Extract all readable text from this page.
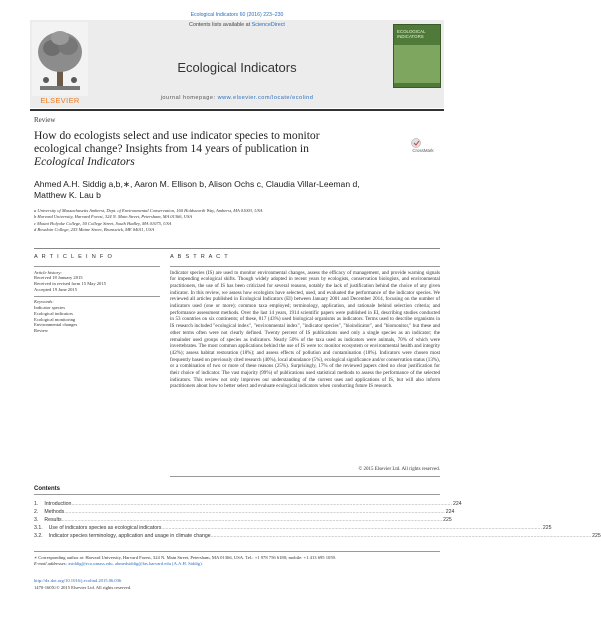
Ecological Indicators 60 (2016) 223–230
ELSEVIER
Contents lists available at ScienceDirect
Ecological Indicators
journal homepage: www.elsevier.com/locate/ecolind
ECOLOGICAL INDICATORS
Review
How do ecologists select and use indicator species to monitor
ecological change? Insights from 14 years of publication in
Ecological Indicators
CrossMark
Ahmed A.H. Siddig a,b,∗, Aaron M. Ellison b, Alison Ochs c, Claudia Villar-Leeman d,
Matthew K. Lau b
a University of Massachusetts Amherst, Dept. of Environmental Conservation, 160 Holdsworth Way, Amherst, MA 01003, USA
b Harvard University, Harvard Forest, 324 N. Main Street, Petersham, MA 01366, USA
c Mount Holyoke College, 50 College Street, South Hadley, MA 01075, USA
d Bowdoin College, 255 Maine Street, Brunswick, ME 04011, USA
A R T I C L E I N F O	A B S T R A C T
Article history:
Received 18 January 2015
Received in revised form 15 May 2015
Accepted 19 June 2015
Keywords:
Indicator species
Ecological indicators
Ecological monitoring
Environmental changes
Review
Indicator species (IS) are used to monitor environmental changes, assess the efficacy of management, and provide warning signals for impending ecological shifts. Though widely adopted in recent years by ecologists, conservation biologists, and environmental practitioners, the use of IS has been criticized for several reasons, notably the lack of justification behind the choice of any given indicator. In this review, we assess how ecologists have selected, used, and evaluated the performance of the indicator species. We reviewed all articles published in Ecological Indicators (EI) between January 2001 and December 2014, focusing on the number of indicators used (one or more); common taxa employed; terminology, application, and rationale behind selection criteria; and performance assessment methods. Over the last 14 years, 1914 scientific papers were published in EI, describing studies conducted in 53 countries on six continents; of these, 817 (43%) used biological organisms as indicators. Terms used to describe organisms in IS research included "ecological index", "environmental index", "indicator species", "bioindicator", and "biomonitor," but these and other terms often were not clearly defined. Twenty percent of IS publications used only a single species as an indicator; the remainder used groups of species as indicators. Nearly 50% of the taxa used as indicators were animals, 70% of which were invertebrates. The most common applications behind the use of IS were to: monitor ecosystem or environmental health and integrity (42%); assess habitat restoration (18%); and assess effects of pollution and contamination (18%). Indicators were chosen most frequently based on previously cited research (40%), local abundance (5%), ecological significance and/or conservation status (13%), or a combination of two or more of these reasons (25%). Surprisingly, 17% of the reviewed papers cited no clear justification for their choice of indicator. The vast majority (99%) of publications used statistical methods to assess the performance of the selected indicators. This review not only improves our understanding of the current uses and applications of IS, but will also inform practitioners about how to better select and evaluate ecological indicators when conducting future IS research.
© 2015 Elsevier Ltd. All rights reserved.
Contents
1.	Introduction ........................................................................................................................................................................................................................................................................ 224
2.	Methods ........................................................................................................................................................................................................................................................................ 224
3.	Results ........................................................................................................................................................................................................................................................................ 225
3.1.	Use of indicators species as ecological indicators ........................................................................................................................................................................................................................................................................ 225
3.2.	Indicator species terminology, application and usage in climate change ........................................................................................................................................................................................................................................................................ 225
∗ Corresponding author at: Harvard University, Harvard Forest, 324 N. Main Street, Petersham, MA 01366, USA. Tel.: +1 978 756 6180; mobile: +1 413 695 1059.
E-mail addresses: asiddig@eco.umass.edu, ahmedsiddig@fas.harvard.edu (A.A.H. Siddig).
http://dx.doi.org/10.1016/j.ecolind.2015.06.036
1470-160X/© 2015 Elsevier Ltd. All rights reserved.
